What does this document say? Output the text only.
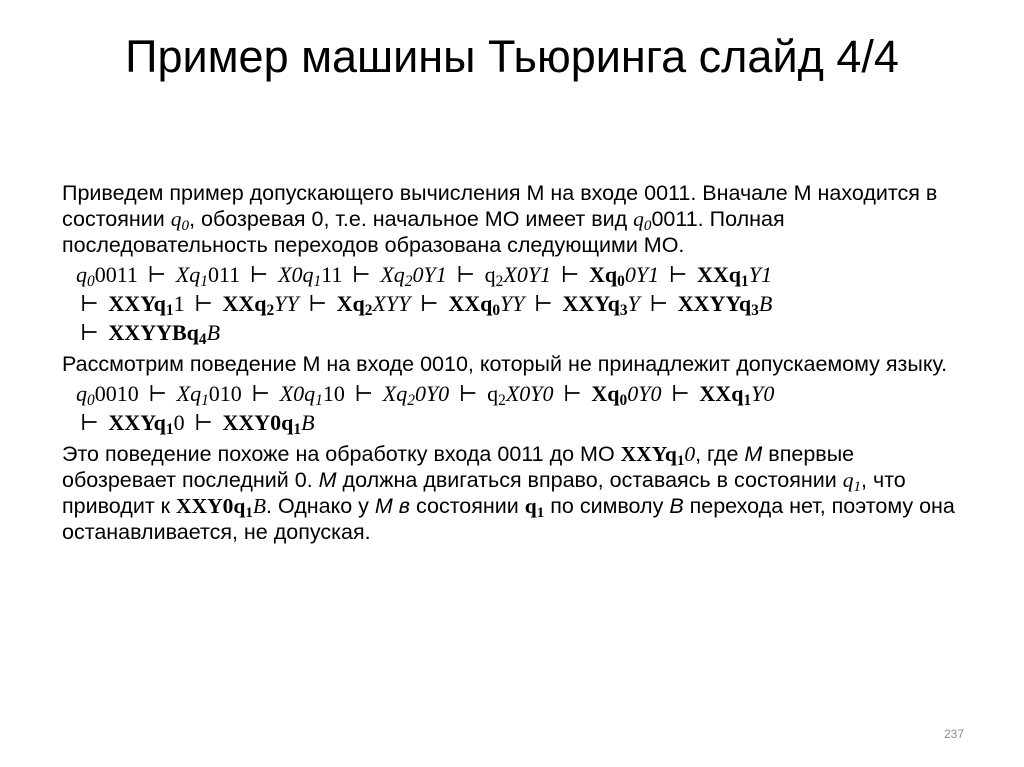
Пример машины Тьюринга слайд 4/4

Приведем пример допускающего вычисления M на входе 0011. Вначале M находится в состоянии $q_0$, обозревая 0, т.е. начальное МО имеет вид $q_00011$. Полная последовательность переходов образована следующими МО.

$q_00011$ ⊢ $Xq_1011$ ⊢ $X0q_111$ ⊢ $Xq_20Y1$ ⊢ $q_2X0Y1$ ⊢ $Xq_00Y1$ ⊢ XXq$_1$Y1
⊢ XXYq$_1$1 ⊢ XXq$_2$YY ⊢ $Xq_2XYY$ ⊢ XXq$_0$YY ⊢ XXYq$_3$Y ⊢ XXYYq$_3$B
⊢ XXYYBq$_4$B

Рассмотрим поведение M на входе 0010, который не принадлежит допускаемому языку.

$q_00010$ ⊢ $Xq_1010$ ⊢ $X0q_110$ ⊢ $Xq_20Y0$ ⊢ $q_2X0Y0$ ⊢ $Xq_00Y0$ ⊢ XXq$_1$Y0
⊢ XXYq$_1$0 ⊢ $XXY0q_1B$

Это поведение похоже на обработку входа 0011 до МО XXYq$_1$0, где M впервые обозревает последний 0. M должна двигаться вправо, оставаясь в состоянии $q_1$, что приводит к $XXY0q_1B$. Однако у M в состоянии $q_1$ по символу B перехода нет, поэтому она останавливается, не допуская.

237
